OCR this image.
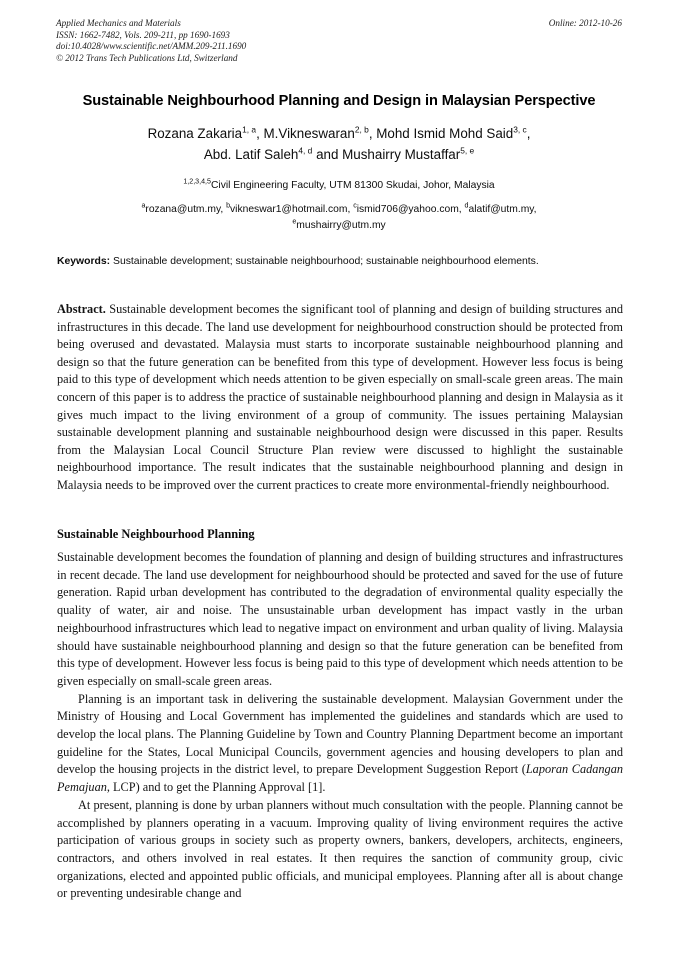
Applied Mechanics and Materials
ISSN: 1662-7482, Vols. 209-211, pp 1690-1693
doi:10.4028/www.scientific.net/AMM.209-211.1690
© 2012 Trans Tech Publications Ltd, Switzerland
Online: 2012-10-26
Sustainable Neighbourhood Planning and Design in Malaysian Perspective
Rozana Zakaria$^{1, a}$, M.Vikneswaran$^{2, b}$, Mohd Ismid Mohd Said$^{3, c}$,
Abd. Latif Saleh$^{4, d}$ and Mushairry Mustaffar$^{5, e}$
$^{1,2,3,4,5}$Civil Engineering Faculty, UTM 81300 Skudai, Johor, Malaysia
$^a$rozana@utm.my, $^b$vikneswar1@hotmail.com, $^c$ismid706@yahoo.com, $^d$alatif@utm.my,
$^e$mushairry@utm.my
Keywords: Sustainable development; sustainable neighbourhood; sustainable neighbourhood elements.
Abstract. Sustainable development becomes the significant tool of planning and design of building structures and infrastructures in this decade. The land use development for neighbourhood construction should be protected from being overused and devastated. Malaysia must starts to incorporate sustainable neighbourhood planning and design so that the future generation can be benefited from this type of development. However less focus is being paid to this type of development which needs attention to be given especially on small-scale green areas. The main concern of this paper is to address the practice of sustainable neighbourhood planning and design in Malaysia as it gives much impact to the living environment of a group of community. The issues pertaining Malaysian sustainable development planning and sustainable neighbourhood design were discussed in this paper. Results from the Malaysian Local Council Structure Plan review were discussed to highlight the sustainable neighbourhood importance. The result indicates that the sustainable neighbourhood planning and design in Malaysia needs to be improved over the current practices to create more environmental-friendly neighbourhood.
Sustainable Neighbourhood Planning

Sustainable development becomes the foundation of planning and design of building structures and infrastructures in recent decade. The land use development for neighbourhood should be protected and saved for the use of future generation. Rapid urban development has contributed to the degradation of environmental quality especially the quality of water, air and noise. The unsustainable urban development has impact vastly in the urban neighbourhood infrastructures which lead to negative impact on environment and urban quality of living. Malaysia should have sustainable neighbourhood planning and design so that the future generation can be benefited from this type of development. However less focus is being paid to this type of development which needs attention to be given especially on small-scale green areas.

Planning is an important task in delivering the sustainable development. Malaysian Government under the Ministry of Housing and Local Government has implemented the guidelines and standards which are used to develop the local plans. The Planning Guideline by Town and Country Planning Department become an important guideline for the States, Local Municipal Councils, government agencies and housing developers to plan and develop the housing projects in the district level, to prepare Development Suggestion Report (Laporan Cadangan Pemajuan, LCP) and to get the Planning Approval [1].

At present, planning is done by urban planners without much consultation with the people. Planning cannot be accomplished by planners operating in a vacuum. Improving quality of living environment requires the active participation of various groups in society such as property owners, bankers, developers, architects, engineers, contractors, and others involved in real estates. It then requires the sanction of community group, civic organizations, elected and appointed public officials, and municipal employees. Planning after all is about change or preventing undesirable change and
